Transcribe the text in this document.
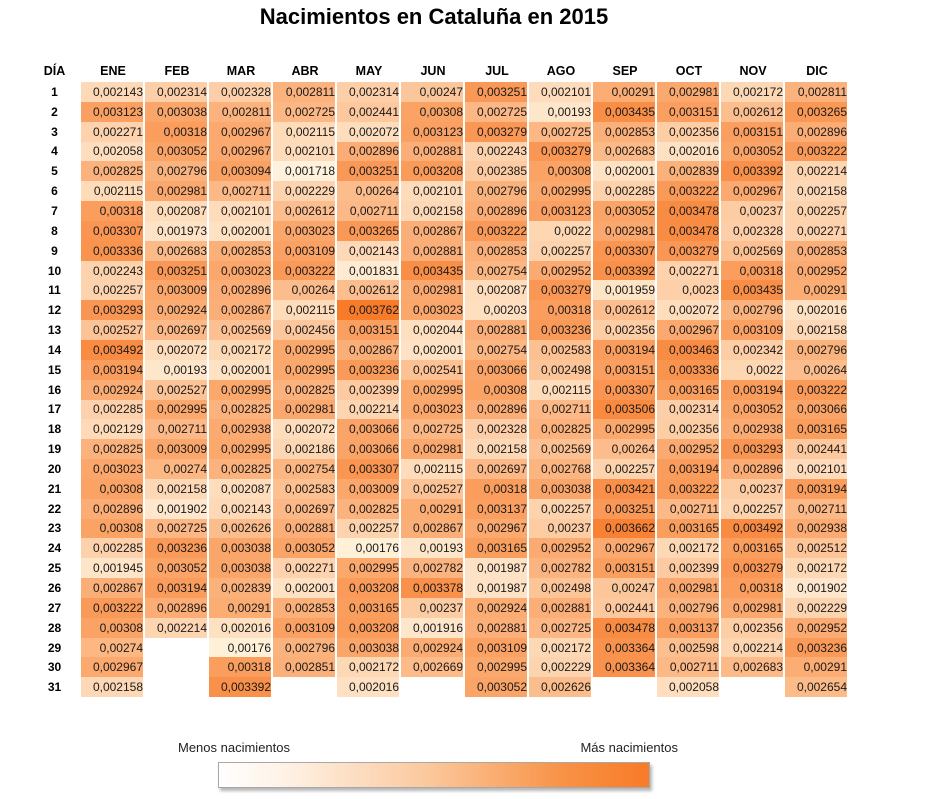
Nacimientos en Cataluña en 2015
DÍA	ENE	FEB	MAR	ABR	MAY	JUN	JUL	AGO	SEP	OCT	NOV	DIC
1	0,002143	0,002314	0,002328	0,002811	0,002314	0,00247	0,003251	0,002101	0,00291	0,002981	0,002172	0,002811
2	0,003123	0,003038	0,002811	0,002725	0,002441	0,00308	0,002725	0,00193	0,003435	0,003151	0,002612	0,003265
3	0,002271	0,00318	0,002967	0,002115	0,002072	0,003123	0,003279	0,002725	0,002853	0,002356	0,003151	0,002896
4	0,002058	0,003052	0,002967	0,002101	0,002896	0,002881	0,002243	0,003279	0,002683	0,002016	0,003052	0,003222
5	0,002825	0,002796	0,003094	0,001718	0,003251	0,003208	0,002385	0,00308	0,002001	0,002839	0,003392	0,002214
6	0,002115	0,002981	0,002711	0,002229	0,00264	0,002101	0,002796	0,002995	0,002285	0,003222	0,002967	0,002158
7	0,00318	0,002087	0,002101	0,002612	0,002711	0,002158	0,002896	0,003123	0,003052	0,003478	0,00237	0,002257
8	0,003307	0,001973	0,002001	0,003023	0,003265	0,002867	0,003222	0,0022	0,002981	0,003478	0,002328	0,002271
9	0,003336	0,002683	0,002853	0,003109	0,002143	0,002881	0,002853	0,002257	0,003307	0,003279	0,002569	0,002853
10	0,002243	0,003251	0,003023	0,003222	0,001831	0,003435	0,002754	0,002952	0,003392	0,002271	0,00318	0,002952
11	0,002257	0,003009	0,002896	0,00264	0,002612	0,002981	0,002087	0,003279	0,001959	0,0023	0,003435	0,00291
12	0,003293	0,002924	0,002867	0,002115	0,003762	0,003023	0,00203	0,00318	0,002612	0,002072	0,002796	0,002016
13	0,002527	0,002697	0,002569	0,002456	0,003151	0,002044	0,002881	0,003236	0,002356	0,002967	0,003109	0,002158
14	0,003492	0,002072	0,002172	0,002995	0,002867	0,002001	0,002754	0,002583	0,003194	0,003463	0,002342	0,002796
15	0,003194	0,00193	0,002001	0,002995	0,003236	0,002541	0,003066	0,002498	0,003151	0,003336	0,0022	0,00264
16	0,002924	0,002527	0,002995	0,002825	0,002399	0,002995	0,00308	0,002115	0,003307	0,003165	0,003194	0,003222
17	0,002285	0,002995	0,002825	0,002981	0,002214	0,003023	0,002896	0,002711	0,003506	0,002314	0,003052	0,003066
18	0,002129	0,002711	0,002938	0,002072	0,003066	0,002725	0,002328	0,002825	0,002995	0,002356	0,002938	0,003165
19	0,002825	0,003009	0,002995	0,002186	0,003066	0,002981	0,002158	0,002569	0,00264	0,002952	0,003293	0,002441
20	0,003023	0,00274	0,002825	0,002754	0,003307	0,002115	0,002697	0,002768	0,002257	0,003194	0,002896	0,002101
21	0,00308	0,002158	0,002087	0,002583	0,003009	0,002527	0,00318	0,003038	0,003421	0,003222	0,00237	0,003194
22	0,002896	0,001902	0,002143	0,002697	0,002825	0,00291	0,003137	0,002257	0,003251	0,002711	0,002257	0,002711
23	0,00308	0,002725	0,002626	0,002881	0,002257	0,002867	0,002967	0,00237	0,003662	0,003165	0,003492	0,002938
24	0,002285	0,003236	0,003038	0,003052	0,00176	0,00193	0,003165	0,002952	0,002967	0,002172	0,003165	0,002512
25	0,001945	0,003052	0,003038	0,002271	0,002995	0,002782	0,001987	0,002782	0,003151	0,002399	0,003279	0,002172
26	0,002867	0,003194	0,002839	0,002001	0,003208	0,003378	0,001987	0,002498	0,00247	0,002981	0,00318	0,001902
27	0,003222	0,002896	0,00291	0,002853	0,003165	0,00237	0,002924	0,002881	0,002441	0,002796	0,002981	0,002229
28	0,00308	0,002214	0,002016	0,003109	0,003208	0,001916	0,002881	0,002725	0,003478	0,003137	0,002356	0,002952
29	0,00274		0,00176	0,002796	0,003038	0,002924	0,003109	0,002172	0,003364	0,002598	0,002214	0,003236
30	0,002967		0,00318	0,002851	0,002172	0,002669	0,002995	0,002229	0,003364	0,002711	0,002683	0,00291
31	0,002158		0,003392		0,002016		0,003052	0,002626		0,002058		0,002654
Menos nacimientos	Más nacimientos
